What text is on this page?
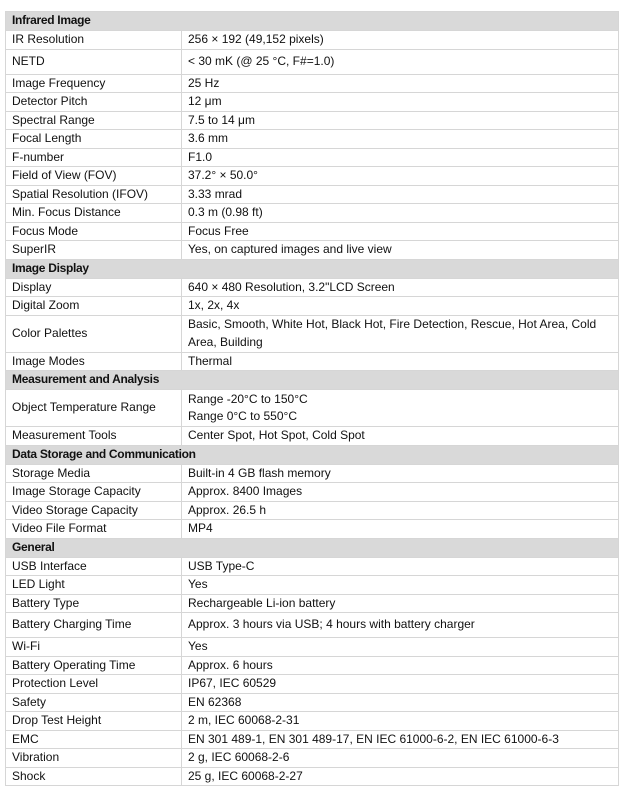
Infrared Image	
IR Resolution	256 × 192 (49,152 pixels)

NETD	< 30 mK (@ 25 °C, F#=1.0)

Image Frequency	25 Hz

Detector Pitch	12 μm

Spectral Range	7.5 to 14 μm

Focal Length	3.6 mm

F-number	F1.0

Field of View (FOV)	37.2° × 50.0°

Spatial Resolution (IFOV)	3.33 mrad

Min. Focus Distance	0.3 m (0.98 ft)

Focus Mode	Focus Free

SuperIR	Yes, on captured images and live view

Image Display	
Display	640 × 480 Resolution, 3.2"LCD Screen

Digital Zoom	1x, 2x, 4x

Color Palettes	Basic, Smooth, White Hot, Black Hot, Fire Detection, Rescue, Hot Area, Cold Area, Building

Image Modes	Thermal

Measurement and Analysis	
Object Temperature Range	Range -20°C to 150°C
Range 0°C to 550°C

Measurement Tools	Center Spot, Hot Spot, Cold Spot

Data Storage and Communication	
Storage Media	Built-in 4 GB flash memory

Image Storage Capacity	Approx. 8400 Images

Video Storage Capacity	Approx. 26.5 h

Video File Format	MP4

General	
USB Interface	USB Type-C

LED Light	Yes

Battery Type	Rechargeable Li-ion battery

Battery Charging Time	Approx. 3 hours via USB; 4 hours with battery charger

Wi-Fi	Yes

Battery Operating Time	Approx. 6 hours

Protection Level	IP67, IEC 60529

Safety	EN 62368

Drop Test Height	2 m, IEC 60068-2-31

EMC	EN 301 489-1, EN 301 489-17, EN IEC 61000-6-2, EN IEC 61000-6-3

Vibration	2 g, IEC 60068-2-6

Shock	25 g, IEC 60068-2-27
